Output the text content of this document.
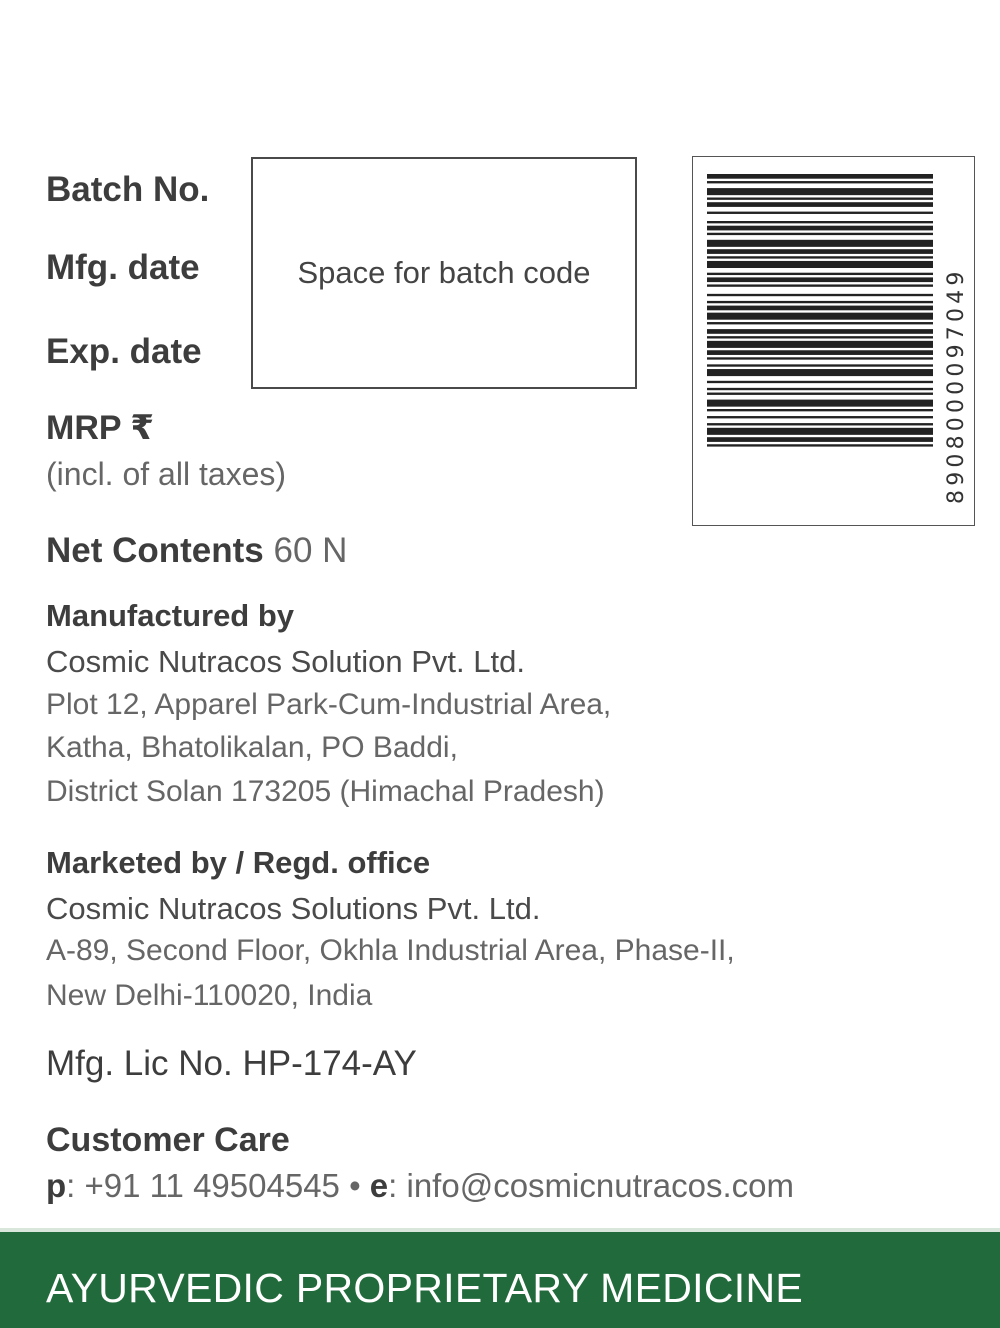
Batch No.
Mfg. date
Exp. date
Space for batch code	8908000097049
MRP ₹
(incl. of all taxes)
Net Contents 60 N
Manufactured by
Cosmic Nutracos Solution Pvt. Ltd.
Plot 12, Apparel Park-Cum-Industrial Area,
Katha, Bhatolikalan, PO Baddi,
District Solan 173205 (Himachal Pradesh)
Marketed by / Regd. office
Cosmic Nutracos Solutions Pvt. Ltd.
A-89, Second Floor, Okhla Industrial Area, Phase-II,
New Delhi-110020, India
Mfg. Lic No. HP-174-AY
Customer Care
p: +91 11 49504545 • e: info@cosmicnutracos.com
AYURVEDIC PROPRIETARY MEDICINE
